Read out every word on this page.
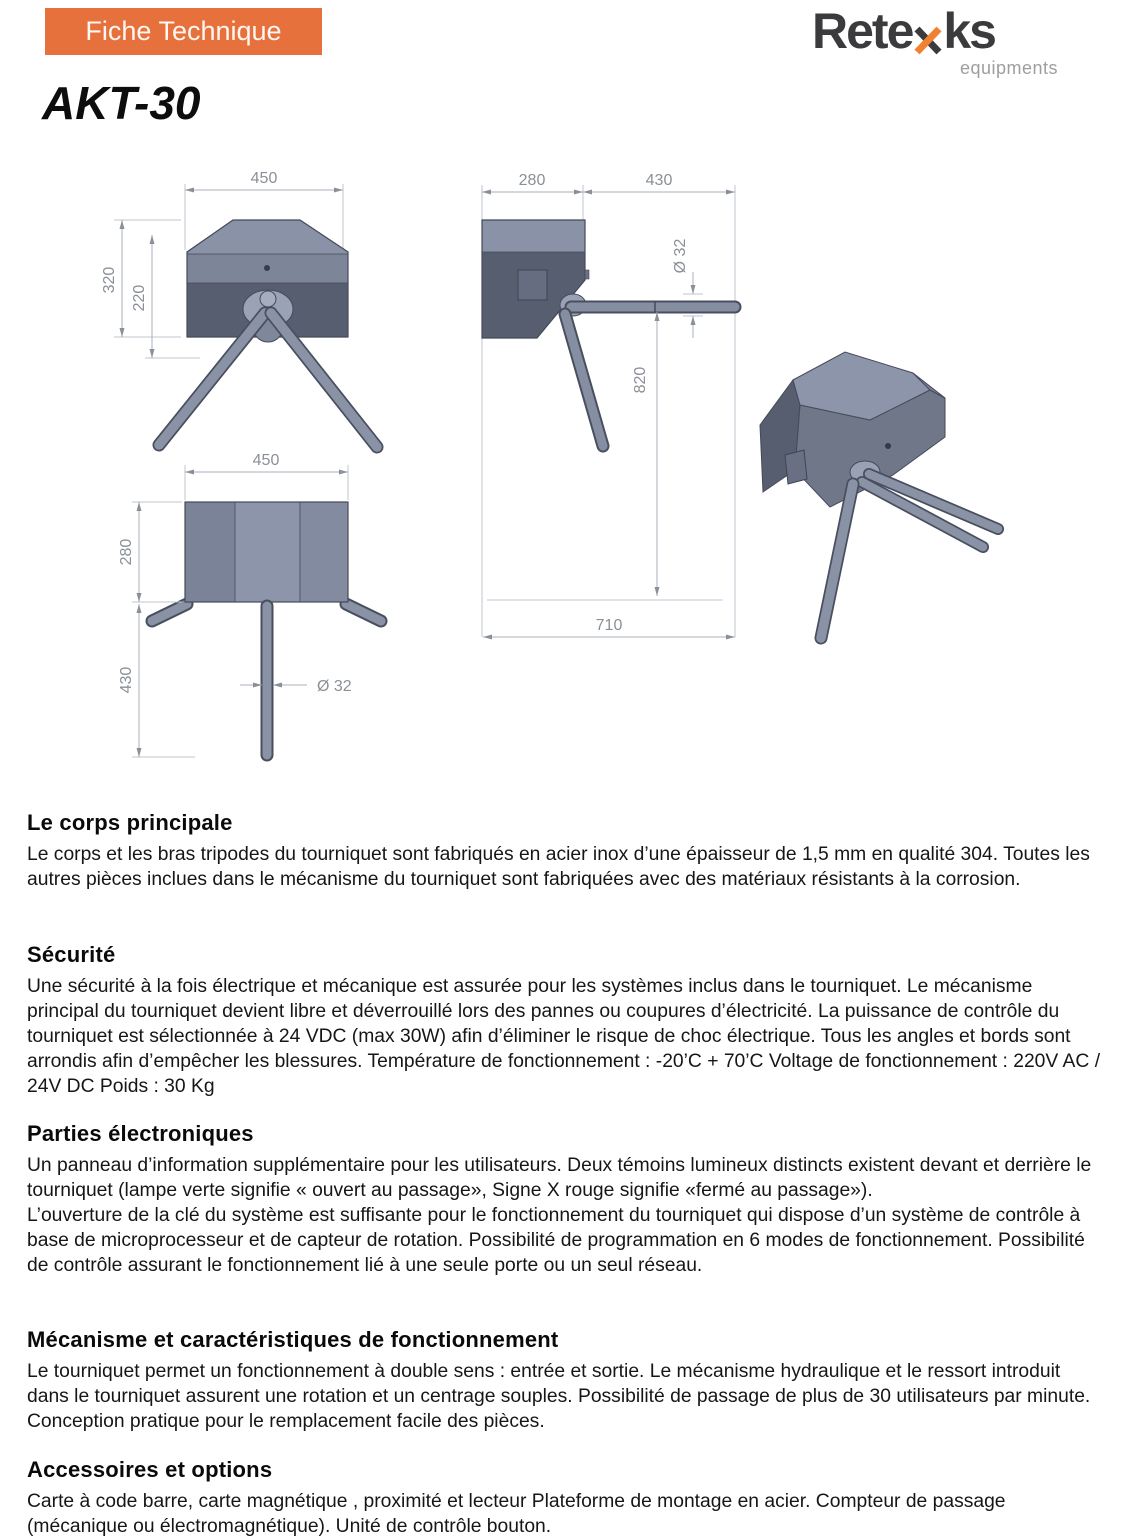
Fiche Technique	Rete ks
equipments
AKT-30
450
320
220
450
280
430	Ø 32
280	430
Ø 32
820
710
Le corps principale

Le corps et les bras tripodes du tourniquet sont fabriqués en acier inox d’une épaisseur de 1,5 mm en qualité 304. Toutes les autres pièces inclues dans le mécanisme du tourniquet sont fabriquées avec des matériaux résistants à la corrosion.

Sécurité

Une sécurité à la fois électrique et mécanique est assurée pour les systèmes inclus dans le tourniquet. Le mécanisme principal du tourniquet devient libre et déverrouillé lors des pannes ou coupures d’électricité. La puissance de contrôle du tourniquet est sélectionnée à 24 VDC (max 30W) afin d’éliminer le risque de choc électrique. Tous les angles et bords sont arrondis afin d’empêcher les blessures. Température de fonctionnement : -20’C + 70’C Voltage de fonctionnement : 220V AC / 24V DC Poids : 30 Kg

Parties électroniques

Un panneau d’information supplémentaire pour les utilisateurs. Deux témoins lumineux distincts existent devant et derrière le tourniquet (lampe verte signifie « ouvert au passage», Signe X rouge signifie «fermé au passage»).

L’ouverture de la clé du système est suffisante pour le fonctionnement du tourniquet qui dispose d’un système de contrôle à base de microprocesseur et de capteur de rotation. Possibilité de programmation en 6 modes de fonctionnement. Possibilité de contrôle assurant le fonctionnement lié à une seule porte ou un seul réseau.

Mécanisme et caractéristiques de fonctionnement

Le tourniquet permet un fonctionnement à double sens : entrée et sortie. Le mécanisme hydraulique et le ressort introduit dans le tourniquet assurent une rotation et un centrage souples. Possibilité de passage de plus de 30 utilisateurs par minute. Conception pratique pour le remplacement facile des pièces.

Accessoires et options

Carte à code barre, carte magnétique , proximité et lecteur Plateforme de montage en acier. Compteur de passage (mécanique ou électromagnétique). Unité de contrôle bouton.
